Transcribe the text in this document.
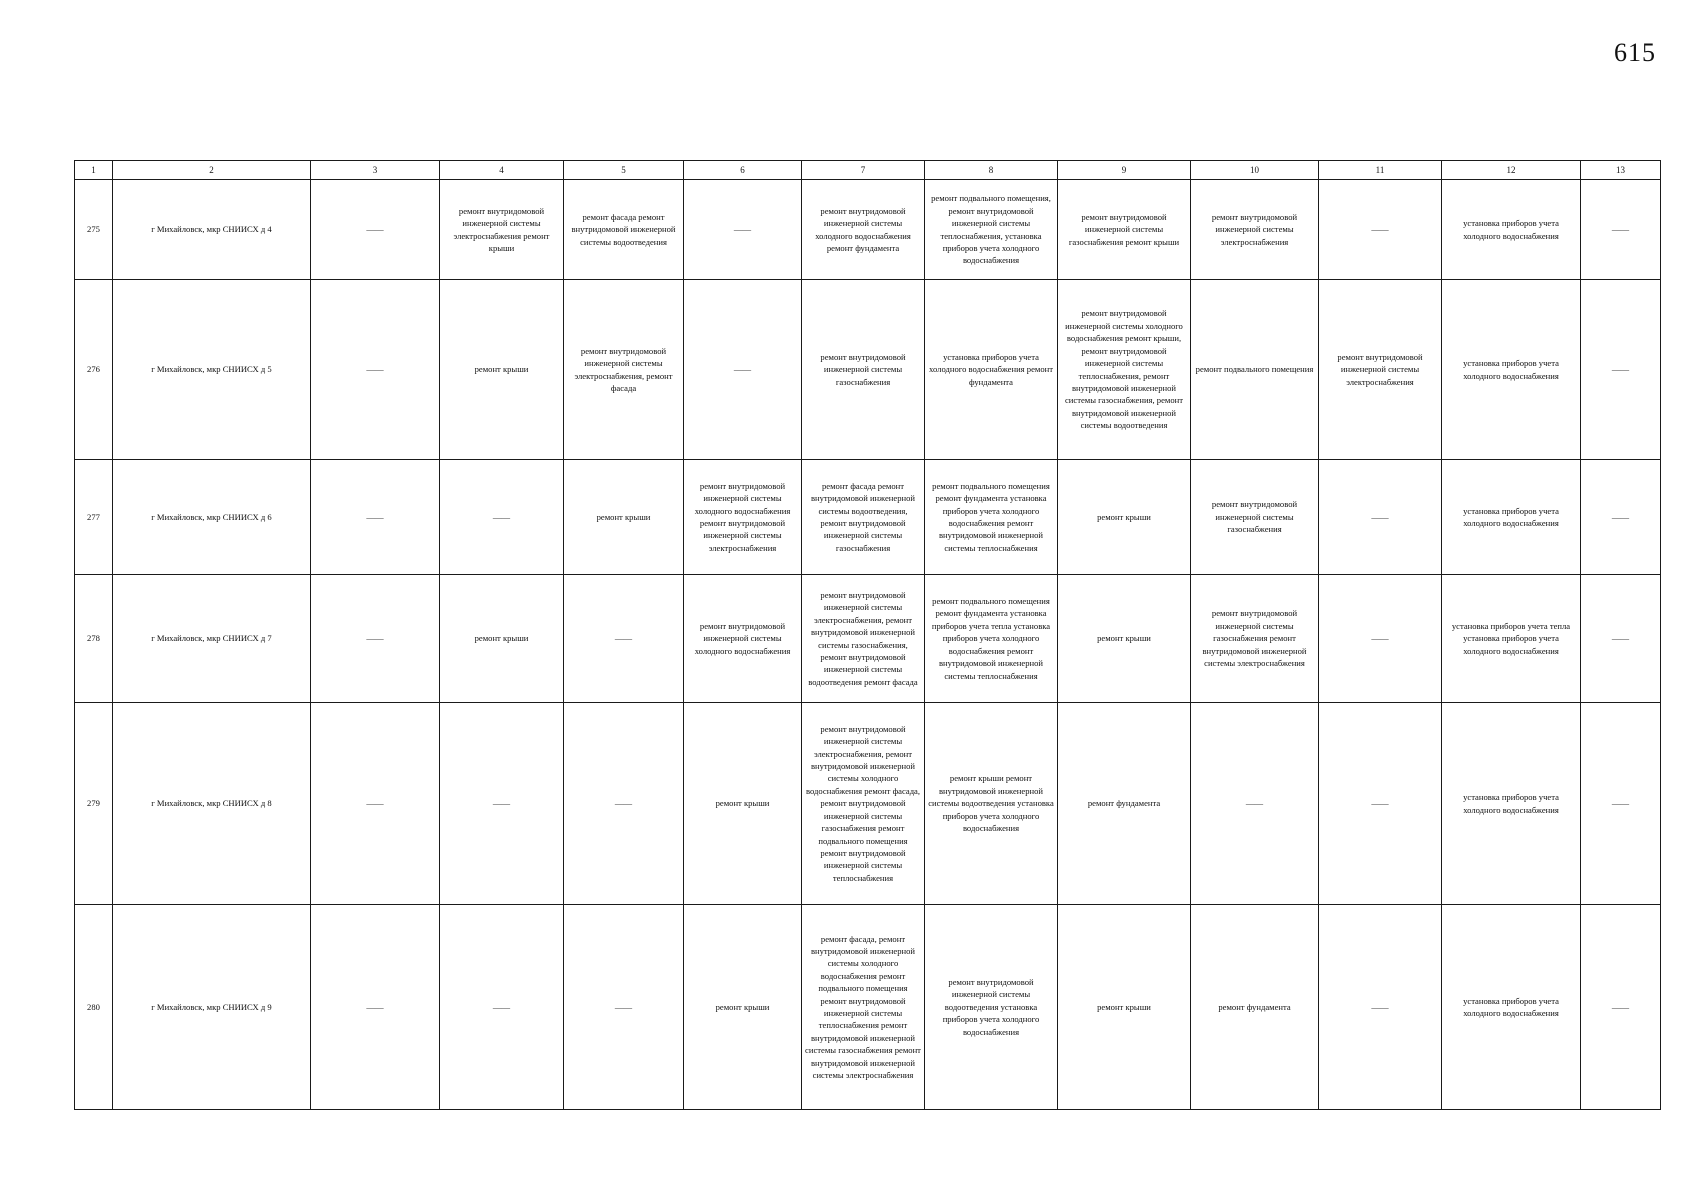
615
1	2	3	4	5	6	7	8	9	10	11	12	13
275	г Михайловск, мкр СНИИСХ д 4	——	ремонт внутридомовой инженерной системы электроснабжения ремонт крыши	ремонт фасада ремонт внутридомовой инженерной системы водоотведения	——	ремонт внутридомовой инженерной системы холодного водоснабжения ремонт фундамента	ремонт подвального помещения, ремонт внутридомовой инженерной системы теплоснабжения, установка приборов учета холодного водоснабжения	ремонт внутридомовой инженерной системы газоснабжения ремонт крыши	ремонт внутридомовой инженерной системы электроснабжения	——	установка приборов учета холодного водоснабжения	——
276	г Михайловск, мкр СНИИСХ д 5	——	ремонт крыши	ремонт внутридомовой инженерной системы электроснабжения, ремонт фасада	——	ремонт внутридомовой инженерной системы газоснабжения	установка приборов учета холодного водоснабжения ремонт фундамента	ремонт внутридомовой инженерной системы холодного водоснабжения ремонт крыши, ремонт внутридомовой инженерной системы теплоснабжения, ремонт внутридомовой инженерной системы газоснабжения, ремонт внутридомовой инженерной системы водоотведения	ремонт подвального помещения	ремонт внутридомовой инженерной системы электроснабжения	установка приборов учета холодного водоснабжения	——
277	г Михайловск, мкр СНИИСХ д 6	——	——	ремонт крыши	ремонт внутридомовой инженерной системы холодного водоснабжения ремонт внутридомовой инженерной системы электроснабжения	ремонт фасада ремонт внутридомовой инженерной системы водоотведения, ремонт внутридомовой инженерной системы газоснабжения	ремонт подвального помещения ремонт фундамента установка приборов учета холодного водоснабжения ремонт внутридомовой инженерной системы теплоснабжения	ремонт крыши	ремонт внутридомовой инженерной системы газоснабжения	——	установка приборов учета холодного водоснабжения	——
278	г Михайловск, мкр СНИИСХ д 7	——	ремонт крыши	——	ремонт внутридомовой инженерной системы холодного водоснабжения	ремонт внутридомовой инженерной системы электроснабжения, ремонт внутридомовой инженерной системы газоснабжения, ремонт внутридомовой инженерной системы водоотведения ремонт фасада	ремонт подвального помещения ремонт фундамента установка приборов учета тепла установка приборов учета холодного водоснабжения ремонт внутридомовой инженерной системы теплоснабжения	ремонт крыши	ремонт внутридомовой инженерной системы газоснабжения ремонт внутридомовой инженерной системы электроснабжения	——	установка приборов учета тепла установка приборов учета холодного водоснабжения	——
279	г Михайловск, мкр СНИИСХ д 8	——	——	——	ремонт крыши	ремонт внутридомовой инженерной системы электроснабжения, ремонт внутридомовой инженерной системы холодного водоснабжения ремонт фасада, ремонт внутридомовой инженерной системы газоснабжения ремонт подвального помещения ремонт внутридомовой инженерной системы теплоснабжения	ремонт крыши ремонт внутридомовой инженерной системы водоотведения установка приборов учета холодного водоснабжения	ремонт фундамента	——	——	установка приборов учета холодного водоснабжения	——
280	г Михайловск, мкр СНИИСХ д 9	——	——	——	ремонт крыши	ремонт фасада, ремонт внутридомовой инженерной системы холодного водоснабжения ремонт подвального помещения ремонт внутридомовой инженерной системы теплоснабжения ремонт внутридомовой инженерной системы газоснабжения ремонт внутридомовой инженерной системы электроснабжения	ремонт внутридомовой инженерной системы водоотведения установка приборов учета холодного водоснабжения	ремонт крыши	ремонт фундамента	——	установка приборов учета холодного водоснабжения	——
